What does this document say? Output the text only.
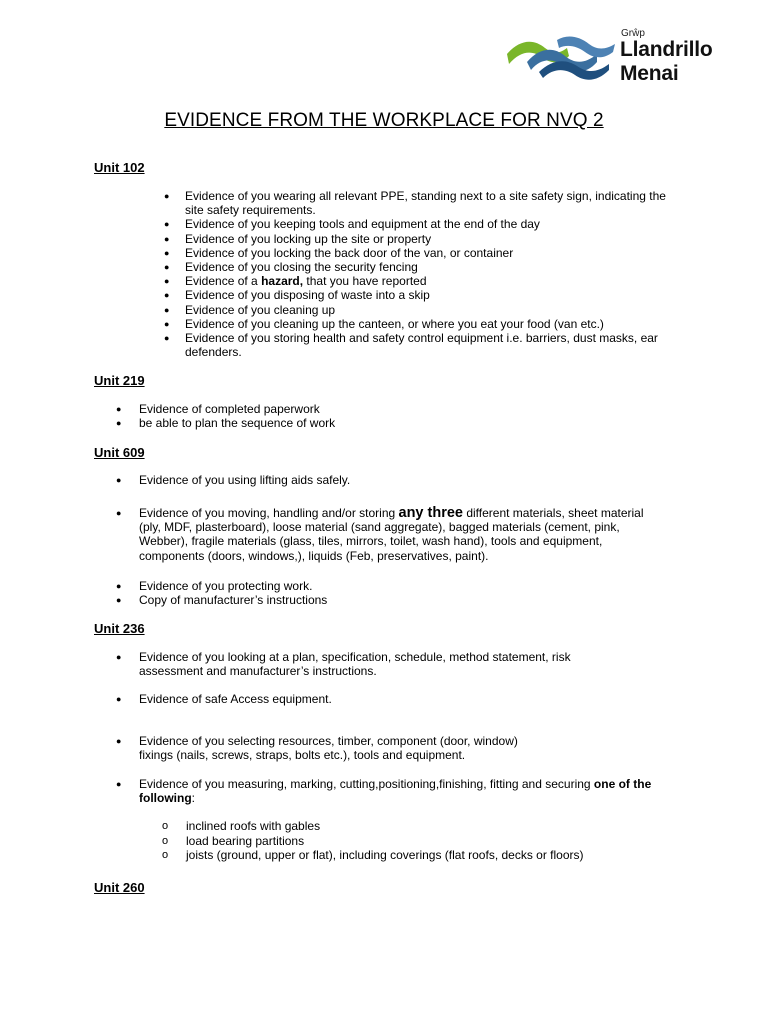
Grŵp
Llandrillo
Menai
EVIDENCE FROM THE WORKPLACE FOR NVQ 2
Unit 102
● Evidence of you wearing all relevant PPE, standing next to a site safety sign, indicating the site safety requirements.
● Evidence of you keeping tools and equipment at the end of the day
● Evidence of you locking up the site or property
● Evidence of you locking the back door of the van, or container
● Evidence of you closing the security fencing
● Evidence of a hazard, that you have reported
● Evidence of you disposing of waste into a skip
● Evidence of you cleaning up
● Evidence of you cleaning up the canteen, or where you eat your food (van etc.)
● Evidence of you storing health and safety control equipment i.e. barriers, dust masks, ear defenders.
Unit 219
● Evidence of completed paperwork
● be able to plan the sequence of work
Unit 609
● Evidence of you using lifting aids safely.
● Evidence of you moving, handling and/or storing any three different materials, sheet material (ply, MDF, plasterboard), loose material (sand aggregate), bagged materials (cement, pink, Webber), fragile materials (glass, tiles, mirrors, toilet, wash hand), tools and equipment, components (doors, windows,), liquids (Feb, preservatives, paint).
● Evidence of you protecting work.
● Copy of manufacturer’s instructions
Unit 236
● Evidence of you looking at a plan, specification, schedule, method statement, risk assessment and manufacturer’s instructions.
● Evidence of safe Access equipment.
● Evidence of you selecting resources, timber, component (door, window)
fixings (nails, screws, straps, bolts etc.), tools and equipment.
● Evidence of you measuring, marking, cutting,positioning,finishing, fitting and securing one of the following:
o inclined roofs with gables
o load bearing partitions
o joists (ground, upper or flat), including coverings (flat roofs, decks or floors)
Unit 260
